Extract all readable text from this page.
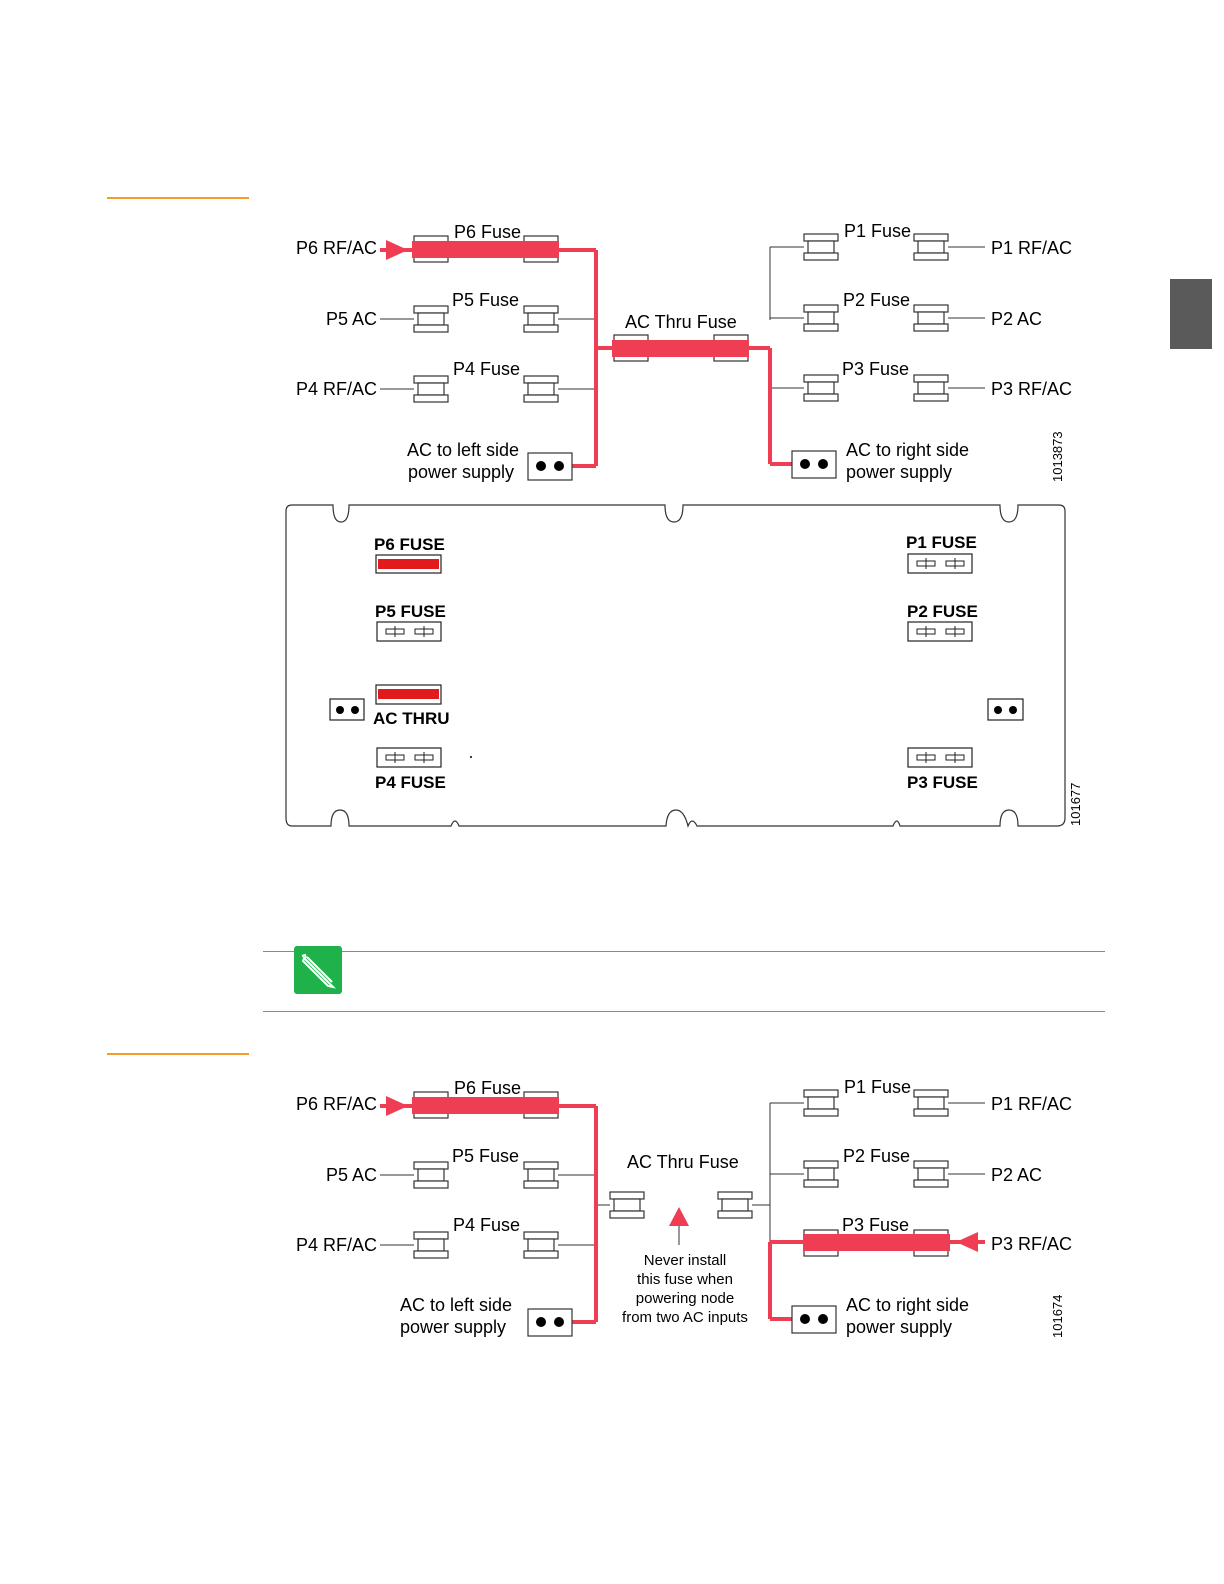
P6 RF/AC
P5 AC
P4 RF/AC
P6 Fuse
P5 Fuse
P4 Fuse
AC Thru Fuse
P1 Fuse
P2 Fuse
P3 Fuse
P1 RF/AC
P2 AC
P3 RF/AC
AC to left side
power supply
AC to right side
power supply	1013873
P6 FUSE
P5 FUSE
AC THRU
P4 FUSE
P1 FUSE
P2 FUSE
P3 FUSE
101677
P6 RF/AC
P5 AC
P4 RF/AC
P6 Fuse
P5 Fuse
P4 Fuse
AC Thru Fuse
P1 Fuse
P2 Fuse
P3 Fuse
P1 RF/AC
P2 AC
P3 RF/AC
AC to left side
power supply
AC to right side
power supply
Never install
this fuse when
powering node
from two AC inputs	101674
